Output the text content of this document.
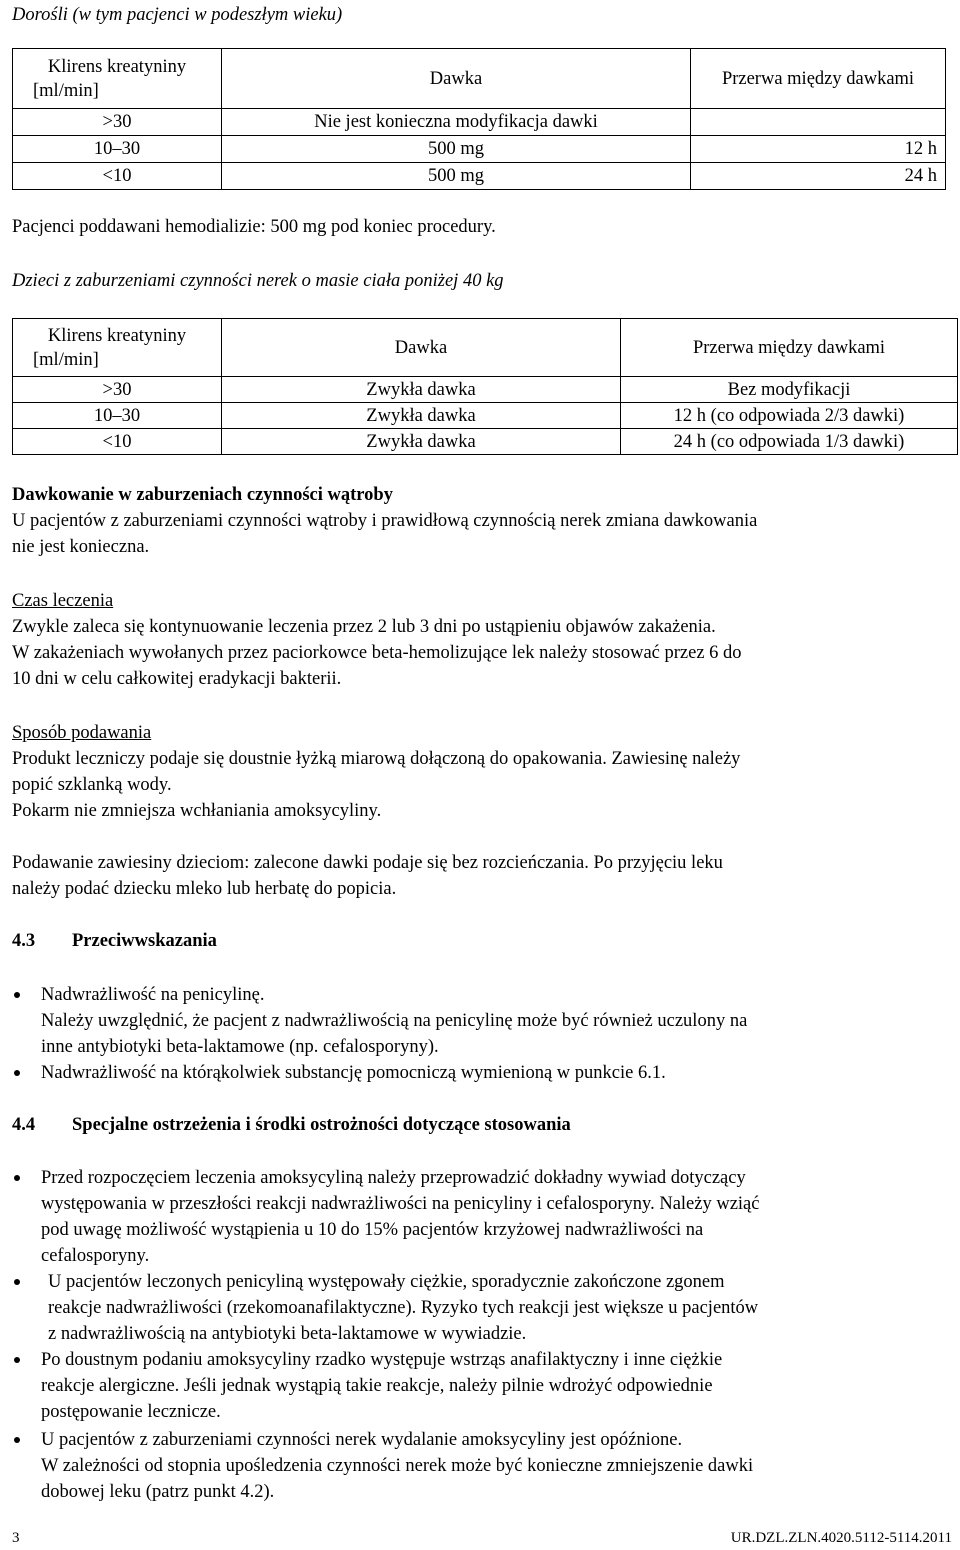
Dorośli (w tym pacjenci w podeszłym wieku)
Klirens kreatyniny
[ml/min]	Dawka	Przerwa między dawkami
>30	Nie jest konieczna modyfikacja dawki	
10–30	500 mg	12 h
<10	500 mg	24 h
Pacjenci poddawani hemodializie: 500 mg pod koniec procedury.
Dzieci z zaburzeniami czynności nerek o masie ciała poniżej 40 kg
Klirens kreatyniny
[ml/min]	Dawka	Przerwa między dawkami
>30	Zwykła dawka	Bez modyfikacji
10–30	Zwykła dawka	12 h (co odpowiada 2/3 dawki)
<10	Zwykła dawka	24 h (co odpowiada 1/3 dawki)
Dawkowanie w zaburzeniach czynności wątroby
U pacjentów z zaburzeniami czynności wątroby i prawidłową czynnością nerek zmiana dawkowania
nie jest konieczna.
Czas leczenia
Zwykle zaleca się kontynuowanie leczenia przez 2 lub 3 dni po ustąpieniu objawów zakażenia.
W zakażeniach wywołanych przez paciorkowce beta-hemolizujące lek należy stosować przez 6 do
10 dni w celu całkowitej eradykacji bakterii.
Sposób podawania
Produkt leczniczy podaje się doustnie łyżką miarową dołączoną do opakowania. Zawiesinę należy
popić szklanką wody.
Pokarm nie zmniejsza wchłaniania amoksycyliny.
Podawanie zawiesiny dzieciom: zalecone dawki podaje się bez rozcieńczania. Po przyjęciu leku
należy podać dziecku mleko lub herbatę do popicia.
4.3 Przeciwwskazania
Nadwrażliwość na penicylinę.
Należy uwzględnić, że pacjent z nadwrażliwością na penicylinę może być również uczulony na
inne antybiotyki beta-laktamowe (np. cefalosporyny).
Nadwrażliwość na którąkolwiek substancję pomocniczą wymienioną w punkcie 6.1.
4.4 Specjalne ostrzeżenia i środki ostrożności dotyczące stosowania
Przed rozpoczęciem leczenia amoksycyliną należy przeprowadzić dokładny wywiad dotyczący
występowania w przeszłości reakcji nadwrażliwości na penicyliny i cefalosporyny. Należy wziąć
pod uwagę możliwość wystąpienia u 10 do 15% pacjentów krzyżowej nadwrażliwości na
cefalosporyny.
U pacjentów leczonych penicyliną występowały ciężkie, sporadycznie zakończone zgonem
reakcje nadwrażliwości (rzekomoanafilaktyczne). Ryzyko tych reakcji jest większe u pacjentów
z nadwrażliwością na antybiotyki beta-laktamowe w wywiadzie.
Po doustnym podaniu amoksycyliny rzadko występuje wstrząs anafilaktyczny i inne ciężkie
reakcje alergiczne. Jeśli jednak wystąpią takie reakcje, należy pilnie wdrożyć odpowiednie
postępowanie lecznicze.
U pacjentów z zaburzeniami czynności nerek wydalanie amoksycyliny jest opóźnione.
W zależności od stopnia upośledzenia czynności nerek może być konieczne zmniejszenie dawki
dobowej leku (patrz punkt 4.2).
3	UR.DZL.ZLN.4020.5112-5114.2011
